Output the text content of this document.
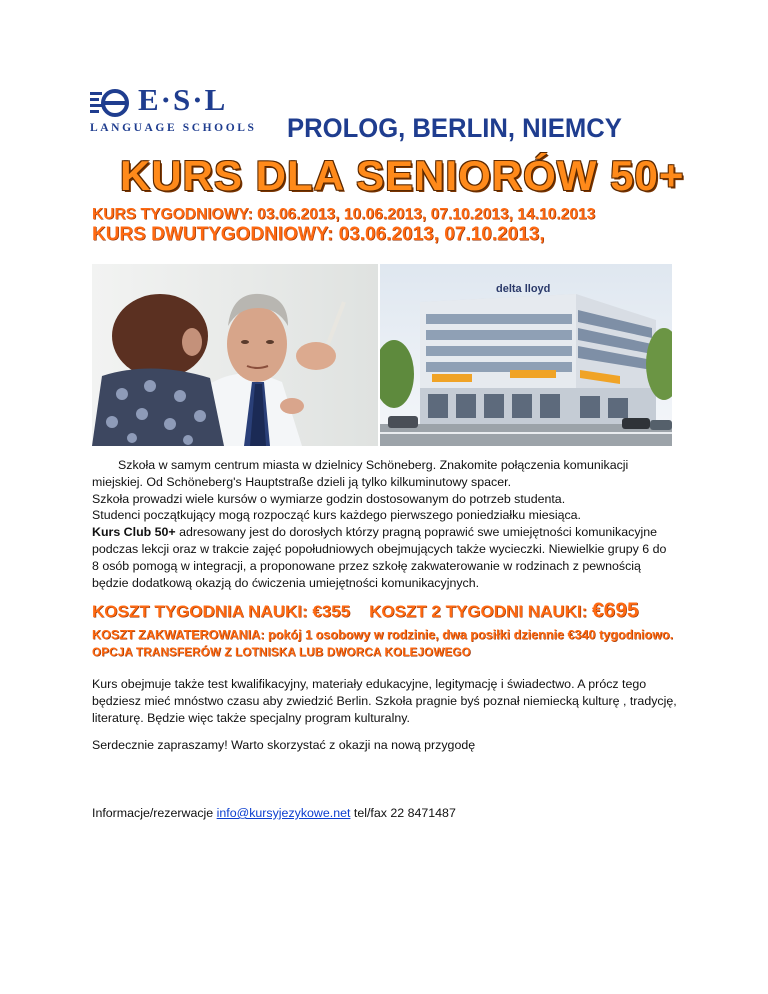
E·S·L
LANGUAGE SCHOOLS PROLOG, BERLIN, NIEMCY
KURS DLA SENIORÓW 50+
KURS TYGODNIOWY: 03.06.2013, 10.06.2013, 07.10.2013, 14.10.2013
KURS DWUTYGODNIOWY: 03.06.2013, 07.10.2013,
delta lloyd

Szkoła w samym centrum miasta w dzielnicy Schöneberg. Znakomite połączenia komunikacji

miejskiej. Od Schöneberg's Hauptstraße dzieli ją tylko kilkuminutowy spacer.

Szkoła prowadzi wiele kursów o wymiarze godzin dostosowanym do potrzeb studenta.

Studenci początkujący mogą rozpocząć kurs każdego pierwszego poniedziałku miesiąca.

Kurs Club 50+ adresowany jest do dorosłych którzy pragną poprawić swe umiejętności komunikacyjne podczas lekcji oraz w trakcie zajęć popołudniowych obejmujących także wycieczki. Niewielkie grupy 6 do 8 osób pomogą w integracji, a proponowane przez szkołę zakwaterowanie w rodzinach z pewnością będzie dodatkową okazją do ćwiczenia umiejętności komunikacyjnych.

KOSZT TYGODNIA NAUKI: €355 KOSZT 2 TYGODNI NAUKI: €695
KOSZT ZAKWATEROWANIA: pokój 1 osobowy w rodzinie, dwa posiłki dziennie €340 tygodniowo.
OPCJA TRANSFERÓW Z LOTNISKA LUB DWORCA KOLEJOWEGO
Kurs obejmuje także test kwalifikacyjny, materiały edukacyjne, legitymację i świadectwo. A prócz tego będziesz mieć mnóstwo czasu aby zwiedzić Berlin. Szkoła pragnie byś poznał niemiecką kulturę , tradycję, literaturę. Będzie więc także specjalny program kulturalny.
Serdecznie zapraszamy! Warto skorzystać z okazji na nową przygodę
Informacje/rezerwacje info@kursyjezykowe.net tel/fax 22 8471487
